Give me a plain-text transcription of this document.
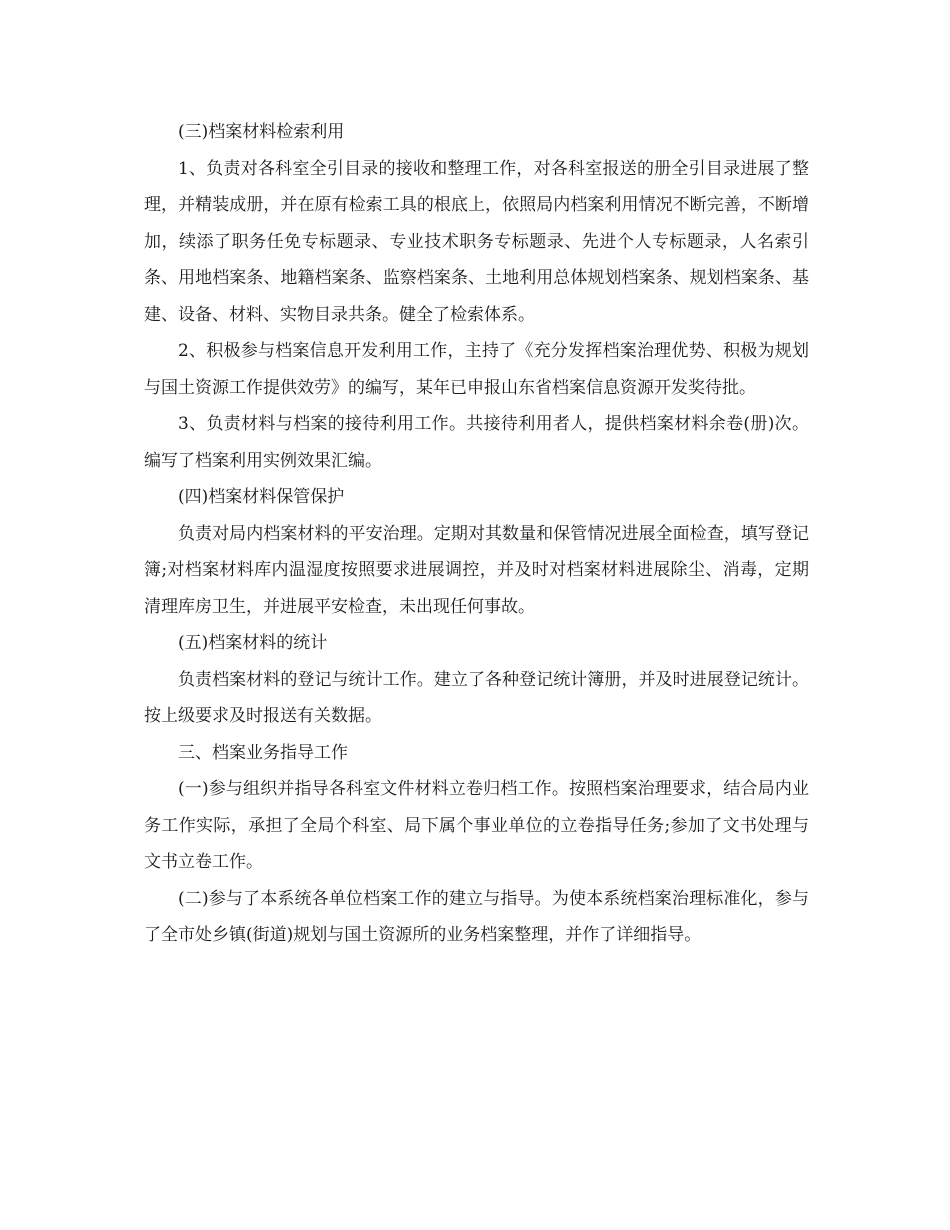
(三)档案材料检索利用

1、负责对各科室全引目录的接收和整理工作，对各科室报送的册全引目录进展了整理，并精装成册，并在原有检索工具的根底上，依照局内档案利用情况不断完善，不断增加，续添了职务任免专标题录、专业技术职务专标题录、先进个人专标题录，人名索引条、用地档案条、地籍档案条、监察档案条、土地利用总体规划档案条、规划档案条、基建、设备、材料、实物目录共条。健全了检索体系。

2、积极参与档案信息开发利用工作，主持了《充分发挥档案治理优势、积极为规划与国土资源工作提供效劳》的编写，某年已申报山东省档案信息资源开发奖待批。

3、负责材料与档案的接待利用工作。共接待利用者人，提供档案材料余卷(册)次。编写了档案利用实例效果汇编。

(四)档案材料保管保护

负责对局内档案材料的平安治理。定期对其数量和保管情况进展全面检查，填写登记簿;对档案材料库内温湿度按照要求进展调控，并及时对档案材料进展除尘、消毒，定期清理库房卫生，并进展平安检查，未出现任何事故。

(五)档案材料的统计

负责档案材料的登记与统计工作。建立了各种登记统计簿册，并及时进展登记统计。按上级要求及时报送有关数据。

三、档案业务指导工作

(一)参与组织并指导各科室文件材料立卷归档工作。按照档案治理要求，结合局内业务工作实际，承担了全局个科室、局下属个事业单位的立卷指导任务;参加了文书处理与文书立卷工作。

(二)参与了本系统各单位档案工作的建立与指导。为使本系统档案治理标准化，参与了全市处乡镇(街道)规划与国土资源所的业务档案整理，并作了详细指导。
